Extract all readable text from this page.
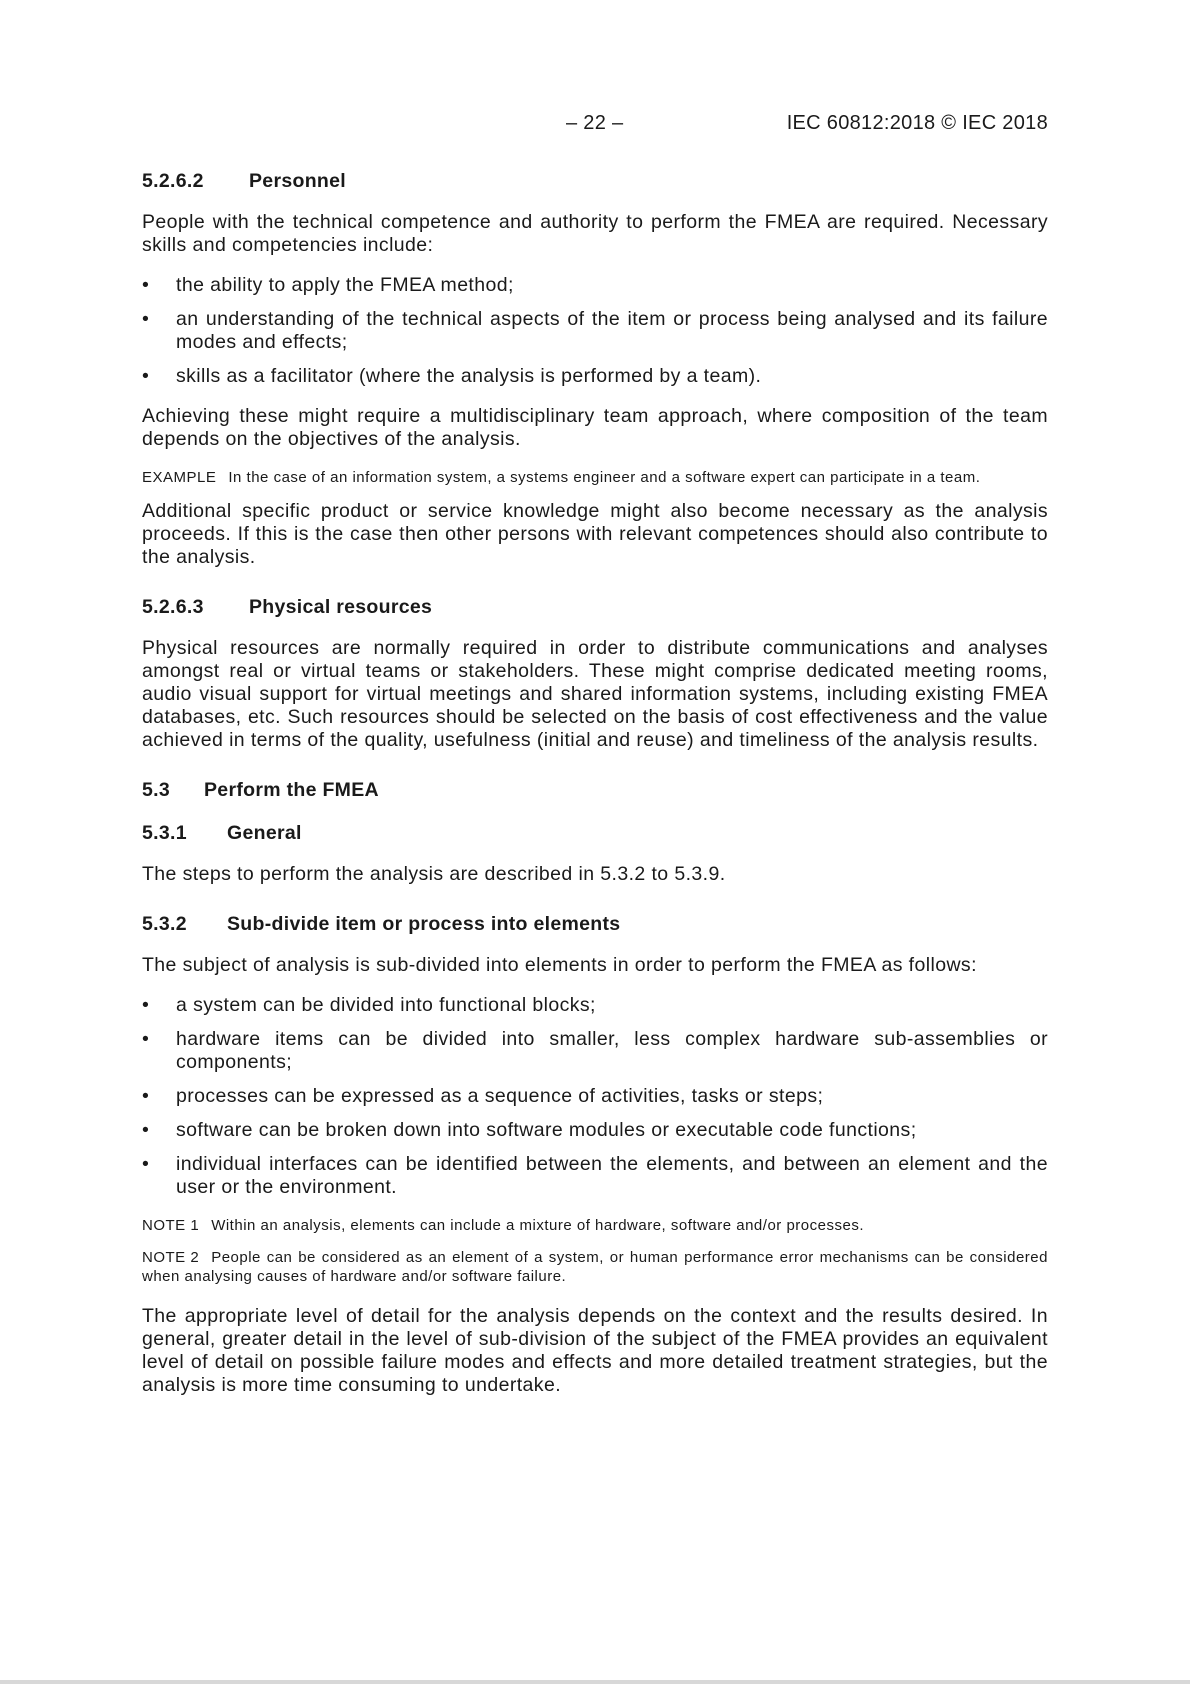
– 22 –	IEC 60812:2018 © IEC 2018
5.2.6.2 Personnel

People with the technical competence and authority to perform the FMEA are required. Necessary skills and competencies include:

• the ability to apply the FMEA method;
• an understanding of the technical aspects of the item or process being analysed and its failure modes and effects;
• skills as a facilitator (where the analysis is performed by a team).

Achieving these might require a multidisciplinary team approach, where composition of the team depends on the objectives of the analysis.

EXAMPLE In the case of an information system, a systems engineer and a software expert can participate in a team.

Additional specific product or service knowledge might also become necessary as the analysis proceeds. If this is the case then other persons with relevant competences should also contribute to the analysis.

5.2.6.3 Physical resources

Physical resources are normally required in order to distribute communications and analyses amongst real or virtual teams or stakeholders. These might comprise dedicated meeting rooms, audio visual support for virtual meetings and shared information systems, including existing FMEA databases, etc. Such resources should be selected on the basis of cost effectiveness and the value achieved in terms of the quality, usefulness (initial and reuse) and timeliness of the analysis results.

5.3 Perform the FMEA
5.3.1 General

The steps to perform the analysis are described in 5.3.2 to 5.3.9.

5.3.2 Sub-divide item or process into elements

The subject of analysis is sub-divided into elements in order to perform the FMEA as follows:

• a system can be divided into functional blocks;
• hardware items can be divided into smaller, less complex hardware sub-assemblies or components;
• processes can be expressed as a sequence of activities, tasks or steps;
• software can be broken down into software modules or executable code functions;
• individual interfaces can be identified between the elements, and between an element and the user or the environment.

NOTE 1 Within an analysis, elements can include a mixture of hardware, software and/or processes.

NOTE 2 People can be considered as an element of a system, or human performance error mechanisms can be considered when analysing causes of hardware and/or software failure.

The appropriate level of detail for the analysis depends on the context and the results desired. In general, greater detail in the level of sub-division of the subject of the FMEA provides an equivalent level of detail on possible failure modes and effects and more detailed treatment strategies, but the analysis is more time consuming to undertake.
